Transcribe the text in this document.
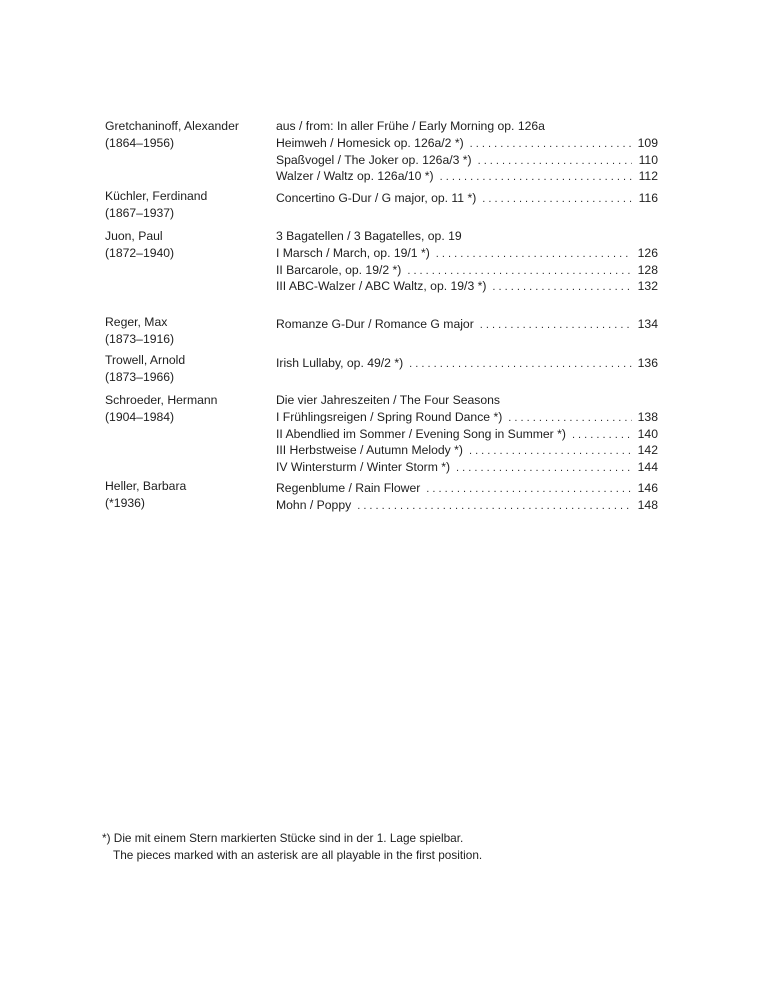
Gretchaninoff, Alexander
(1864–1956)
aus / from: In aller Frühe / Early Morning op. 126a
Heimweh / Homesick op. 126a/2 *) . . .	109
Spaßvogel / The Joker op. 126a/3 *) . . .	110
Walzer / Waltz op. 126a/10 *) . . .	112
Küchler, Ferdinand
(1867–1937)
Concertino G-Dur / G major, op. 11 *) . . .	116
Juon, Paul
(1872–1940)
3 Bagatellen / 3 Bagatelles, op. 19
I Marsch / March, op. 19/1 *) . . .	126
II Barcarole, op. 19/2 *) . . .	128
III ABC-Walzer / ABC Waltz, op. 19/3 *) . . .	132
Reger, Max
(1873–1916)
Romanze G-Dur / Romance G major . . .	134
Trowell, Arnold
(1873–1966)
Irish Lullaby, op. 49/2 *) . . .	136
Schroeder, Hermann
(1904–1984)
Die vier Jahreszeiten / The Four Seasons
I Frühlingsreigen / Spring Round Dance *) . . .	138
II Abendlied im Sommer / Evening Song in Summer *) . . .	140
III Herbstweise / Autumn Melody *) . . .	142
IV Wintersturm / Winter Storm *) . . .	144
Heller, Barbara
(*1936)
Regenblume / Rain Flower . . .	146
Mohn / Poppy . . .	148
*) Die mit einem Stern markierten Stücke sind in der 1. Lage spielbar.
The pieces marked with an asterisk are all playable in the first position.
